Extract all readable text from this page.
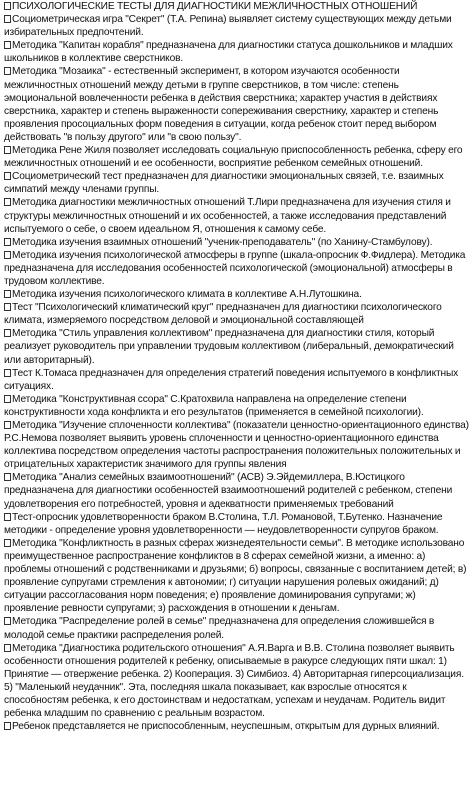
ПСИХОЛОГИЧЕСКИЕ ТЕСТЫ ДЛЯ ДИАГНОСТИКИ МЕЖЛИЧНОСТНЫХ ОТНОШЕНИЙ

Социометрическая игра "Секрет" (Т.А. Репина) выявляет систему существующих между детьми избирательных предпочтений.

Методика "Капитан корабля" предназначена для диагностики статуса дошкольников и младших школьников в коллективе сверстников.

Методика "Мозаика" - естественный эксперимент, в котором изучаются особенности межличностных отношений между детьми в группе сверстников, в том числе: степень эмоциональной вовлеченности ребенка в действия сверстника; характер участия в действиях сверстника, характер и степень выраженности сопереживания сверстнику, характер и степень проявления просоциальных форм поведения в ситуации, когда ребенок стоит перед выбором действовать "в пользу другого" или "в свою пользу".

Методика Рене Жиля позволяет исследовать социальную приспособленность ребенка, сферу его межличностных отношений и ее особенности, восприятие ребенком семейных отношений.

Социометрический тест предназначен для диагностики эмоциональных связей, т.е. взаимных симпатий между членами группы.

Методика диагностики межличностных отношений Т.Лири предназначена для изучения стиля и структуры межличностных отношений и их особенностей, а также исследования представлений испытуемого о себе, о своем идеальном Я, отношения к самому себе.

Методика изучения взаимных отношений "ученик-преподаватель" (по Ханину-Стамбулову).

Методика изучения психологической атмосферы в группе (шкала-опросник Ф.Фидлера). Методика предназначена для исследования особенностей психологической (эмоциональной) атмосферы в трудовом коллективе.

Методика изучения психологического климата в коллективе А.Н.Лутошкина.

Тест "Психологический климатический круг" предназначен для диагностики психологического климата, измеряемого посредством деловой и эмоциональной составляющей

Методика "Стиль управления коллективом" предназначена для диагностики стиля, который реализует руководитель при управлении трудовым коллективом (либеральный, демократический или авторитарный).

Тест К.Томаса предназначен для определения стратегий поведения испытуемого в конфликтных ситуациях.

Методика "Конструктивная ссора" С.Кратохвила направлена на определение степени конструктивности хода конфликта и его результатов (применяется в семейной психологии).

Методика "Изучение сплоченности коллектива" (показатели ценностно-ориентационного единства) Р.С.Немова позволяет выявить уровень сплоченности и ценностно-ориентационного единства коллектива посредством определения частоты распространения положительных положительных и отрицательных характеристик значимого для группы явления

Методика "Анализ семейных взаимоотношений" (АСВ) Э.Эйдемиллера, В.Юстицкого предназначена для диагностики особенностей взаимоотношений родителей с ребенком, степени удовлетворения его потребностей, уровня и адекватности применяемых требований

Тест-опросник удовлетворенности браком В.Столина, Т.Л. Романовой, Т.Бутенко. Назначение методики - определение уровня удовлетворенности — неудовлетворенности супругов браком.

Методика "Конфликтность в разных сферах жизнедеятельности семьи". В методике использовано преимущественное распространение конфликтов в 8 сферах семейной жизни, а именно: а) проблемы отношений с родственниками и друзьями; б) вопросы, связанные с воспитанием детей; в) проявление супругами стремления к автономии; г) ситуации нарушения ролевых ожиданий; д) ситуации рассогласования норм поведения; е) проявление доминирования супругами; ж) проявление ревности супругами; з) расхождения в отношении к деньгам.

Методика "Распределение ролей в семье" предназначена для определения сложившейся в молодой семье практики распределения ролей.

Методика "Диагностика родительского отношения" А.Я.Варга и В.В. Столина позволяет выявить особенности отношения родителей к ребенку, описываемые в ракурсе следующих пяти шкал: 1) Принятие — отвержение ребенка. 2) Кооперация. 3) Симбиоз. 4) Авторитарная гиперсоциализация. 5) "Маленький неудачник". Эта, последняя шкала показывает, как взрослые относятся к способностям ребенка, к его достоинствам и недостаткам, успехам и неудачам. Родитель видит ребенка младшим по сравнению с реальным возрастом.

Ребенок представляется не приспособленным, неуспешным, открытым для дурных влияний.
